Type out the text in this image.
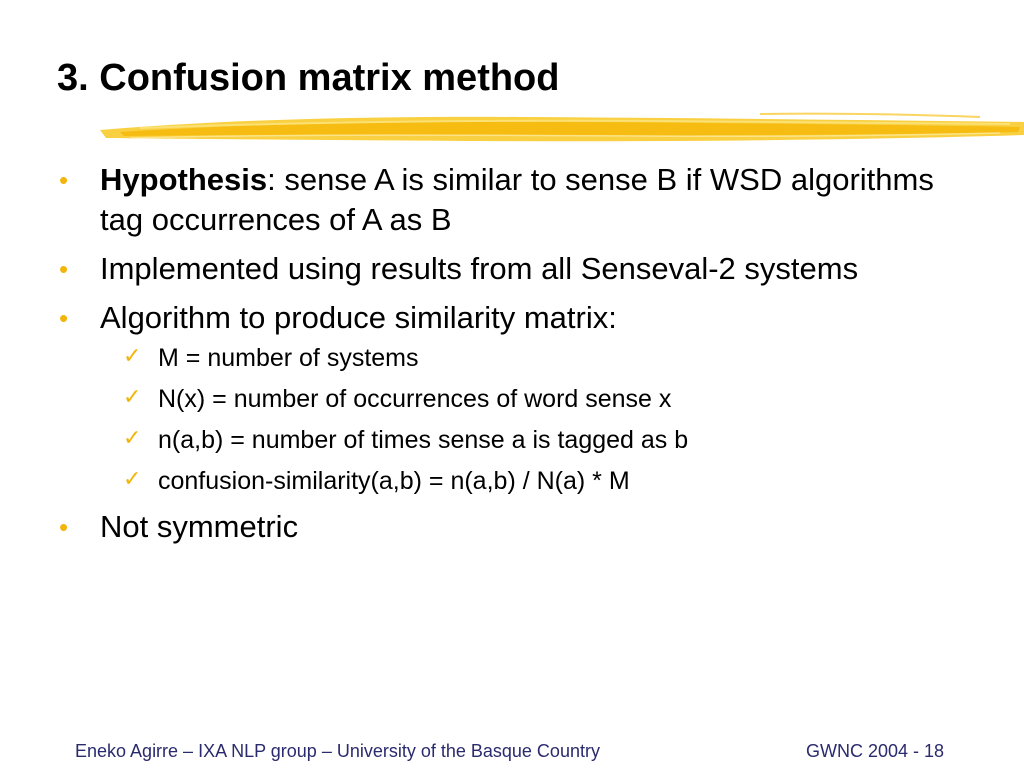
3. Confusion matrix method
• Hypothesis: sense A is similar to sense B if WSD algorithms tag occurrences of A as B
• Implemented using results from all Senseval-2 systems
• Algorithm to produce similarity matrix:
✓ M = number of systems
✓ N(x) = number of occurrences of word sense x
✓ n(a,b) = number of times sense a is tagged as b
✓ confusion-similarity(a,b) = n(a,b) / N(a) * M
• Not symmetric
Eneko Agirre – IXA NLP group – University of the Basque Country	GWNC 2004 - 18
